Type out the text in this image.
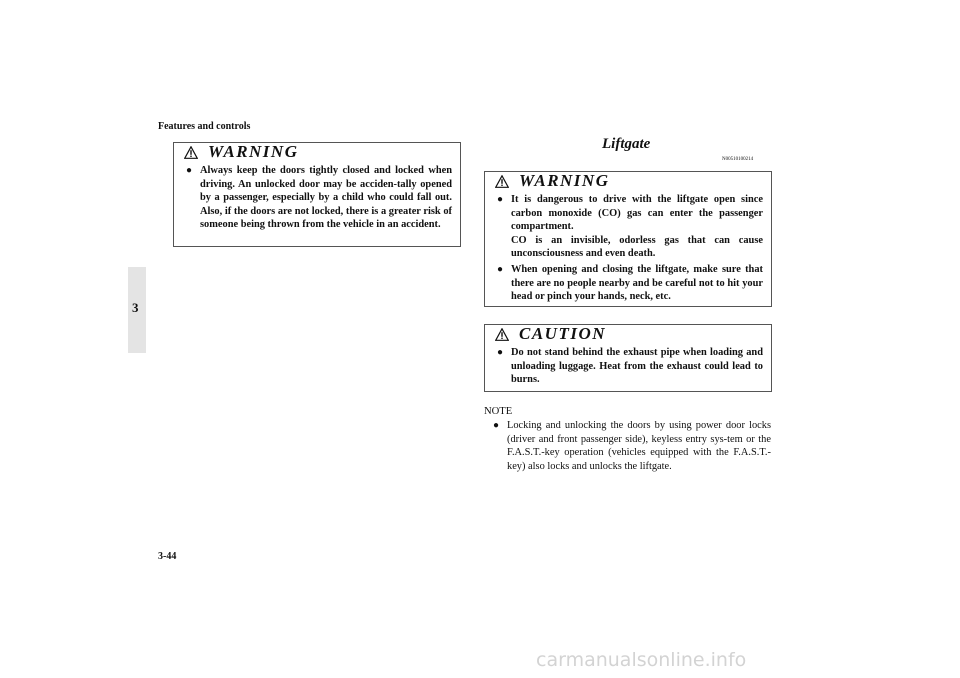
Features and controls
3
WARNING
● Always keep the doors tightly closed and locked when driving. An unlocked door may be acciden-tally opened by a passenger, especially by a child who could fall out. Also, if the doors are not locked, there is a greater risk of someone being thrown from the vehicle in an accident.
Liftgate
N00510100214
WARNING
● It is dangerous to drive with the liftgate open since carbon monoxide (CO) gas can enter the passenger compartment.
CO is an invisible, odorless gas that can cause unconsciousness and even death.
● When opening and closing the liftgate, make sure that there are no people nearby and be careful not to hit your head or pinch your hands, neck, etc.
CAUTION
● Do not stand behind the exhaust pipe when loading and unloading luggage. Heat from the exhaust could lead to burns.
NOTE
● Locking and unlocking the doors by using power door locks (driver and front passenger side), keyless entry sys-tem or the F.A.S.T.-key operation (vehicles equipped with the F.A.S.T.-key) also locks and unlocks the liftgate.
3-44
carmanualsonline.info
